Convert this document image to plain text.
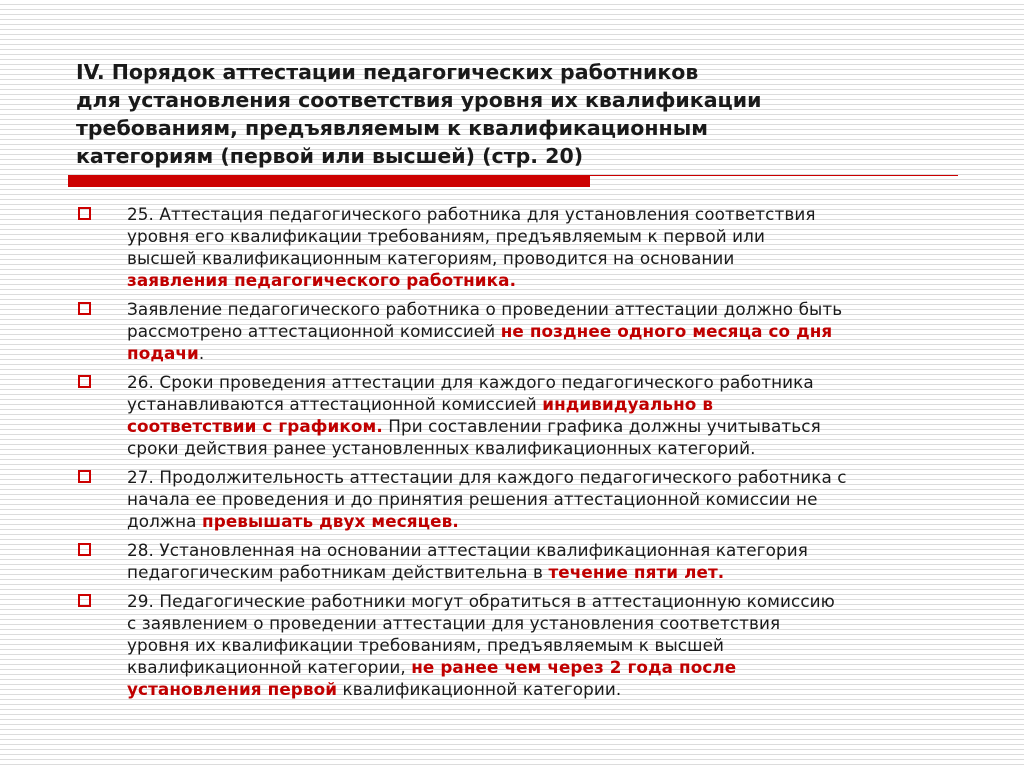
IV. Порядок аттестации педагогических работников
для установления соответствия уровня их квалификации
требованиям, предъявляемым к квалификационным
категориям (первой или высшей) (стр. 20)
25. Аттестация педагогического работника для установления соответствия
уровня его квалификации требованиям, предъявляемым к первой или
высшей квалификационным категориям, проводится на основании
заявления педагогического работника.
Заявление педагогического работника о проведении аттестации должно быть
рассмотрено аттестационной комиссией не позднее одного месяца со дня
подачи.
26. Сроки проведения аттестации для каждого педагогического работника
устанавливаются аттестационной комиссией индивидуально в
соответствии с графиком. При составлении графика должны учитываться
сроки действия ранее установленных квалификационных категорий.
27. Продолжительность аттестации для каждого педагогического работника с
начала ее проведения и до принятия решения аттестационной комиссии не
должна превышать двух месяцев.
28. Установленная на основании аттестации квалификационная категория
педагогическим работникам действительна в течение пяти лет.
29. Педагогические работники могут обратиться в аттестационную комиссию
с заявлением о проведении аттестации для установления соответствия
уровня их квалификации требованиям, предъявляемым к высшей
квалификационной категории, не ранее чем через 2 года после
установления первой квалификационной категории.
